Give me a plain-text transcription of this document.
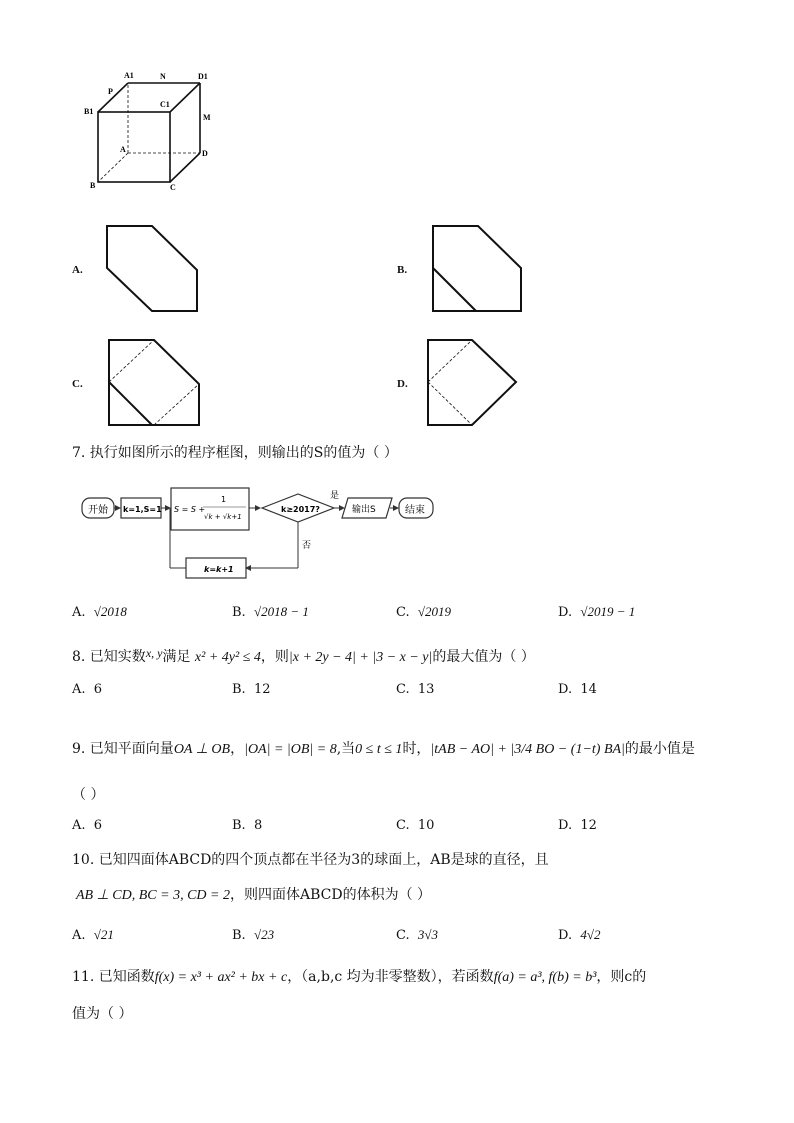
A1	N	D1
P
B1
C1
M
A	D
B	C
A.	B.
C.	D.
7. 执行如图所示的程序框图，则输出的S的值为（ ）
开始 k=1,S=1 S = S +
1
√k + √k+1
k≥2017?
是
输出S	结束
否
k=k+1
A. √2018	B. √2018 − 1	C. √2019	D. √2019 − 1
8. 已知实数x, y满足 x² + 4y² ≤ 4，则|x + 2y − 4| + |3 − x − y|的最大值为（ ）
A. 6	B. 12	C. 13	D. 14
9. 已知平面向量OA ⊥ OB，|OA| = |OB| = 8,当0 ≤ t ≤ 1时，|tAB − AO| + |3/4 BO − (1−t) BA|的最小值是
（ ）
A. 6	B. 8	C. 10	D. 12
10. 已知四面体ABCD的四个顶点都在半径为3的球面上，AB是球的直径，且
AB ⊥ CD, BC = 3, CD = 2，则四面体ABCD的体积为（ ）
A. √21	B. √23	C. 3√3	D. 4√2
11. 已知函数f(x) = x³ + ax² + bx + c，（a,b,c 均为非零整数），若函数f(a) = a³, f(b) = b³，则c的
值为（ ）
